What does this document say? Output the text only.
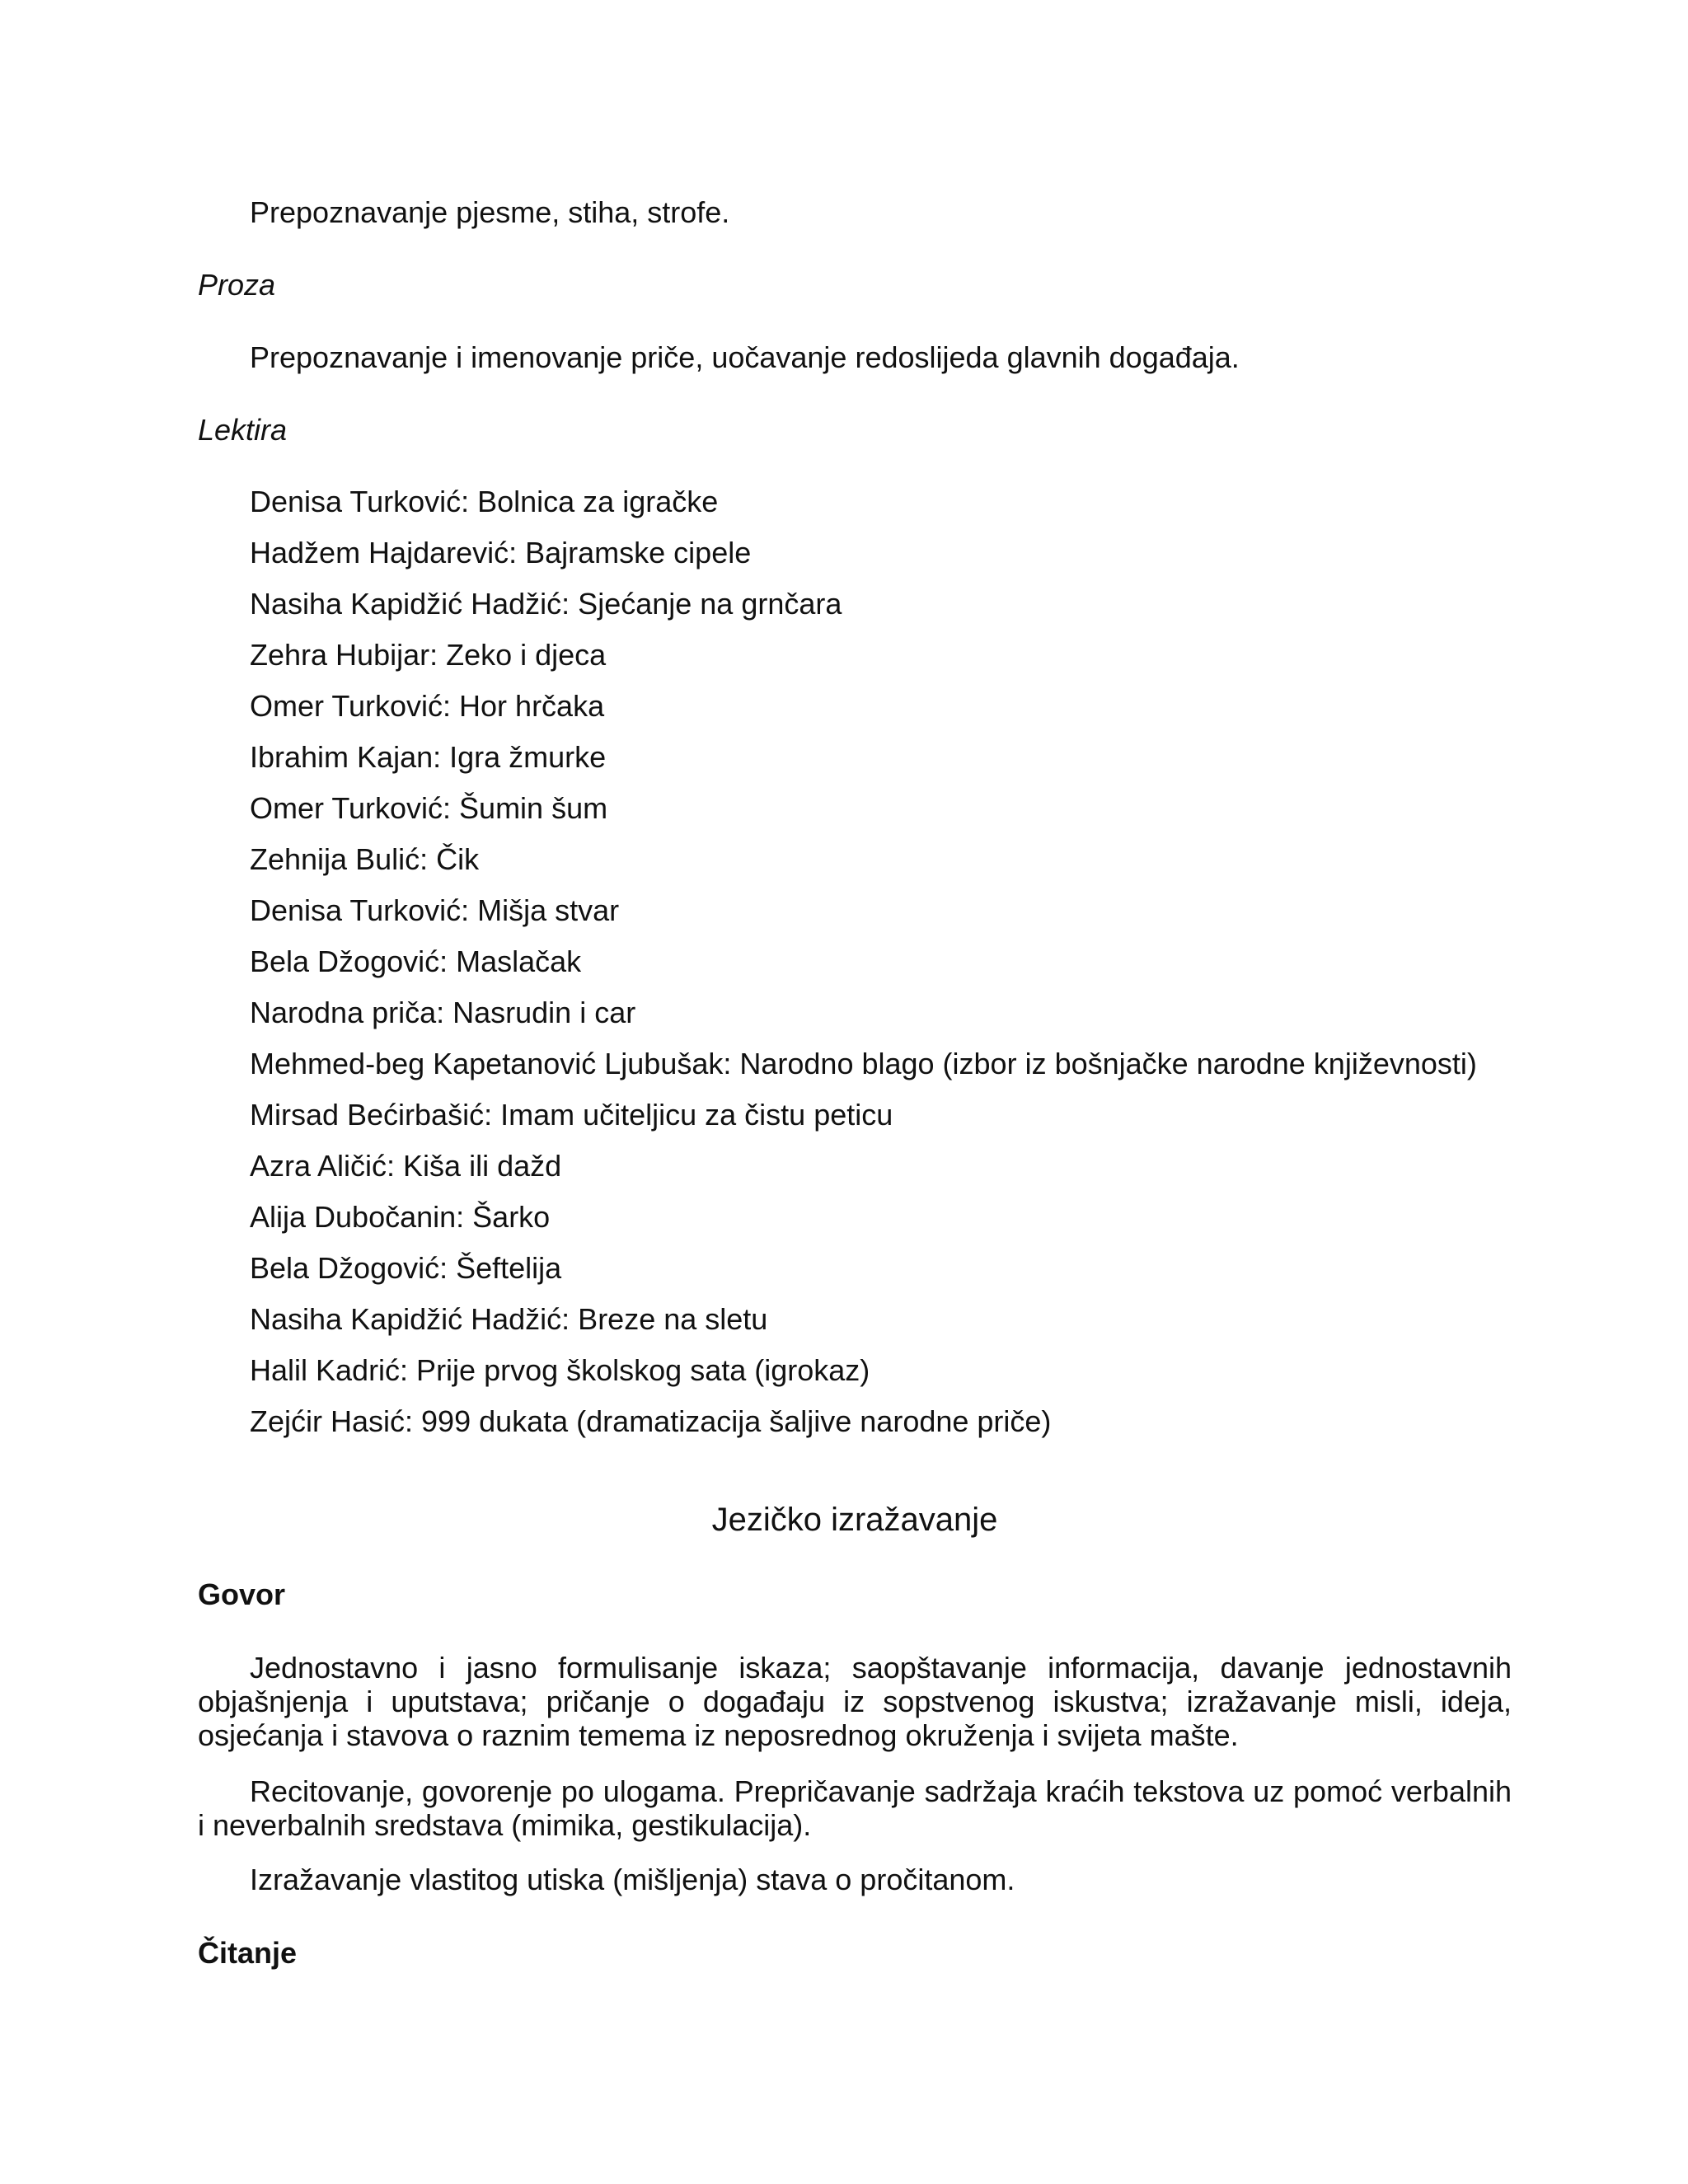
Prepoznavanje pjesme, stiha, strofe.
Proza
Prepoznavanje i imenovanje priče, uočavanje redoslijeda glavnih događaja.
Lektira
Denisa Turković: Bolnica za igračke
Hadžem Hajdarević: Bajramske cipele
Nasiha Kapidžić Hadžić: Sjećanje na grnčara
Zehra Hubijar: Zeko i djeca
Omer Turković: Hor hrčaka
Ibrahim Kajan: Igra žmurke
Omer Turković: Šumin šum
Zehnija Bulić: Čik
Denisa Turković: Mišja stvar
Bela Džogović: Maslačak
Narodna priča: Nasrudin i car
Mehmed-beg Kapetanović Ljubušak: Narodno blago (izbor iz bošnjačke narodne književnosti)
Mirsad Bećirbašić: Imam učiteljicu za čistu peticu
Azra Aličić: Kiša ili dažd
Alija Dubočanin: Šarko
Bela Džogović: Šeftelija
Nasiha Kapidžić Hadžić: Breze na sletu
Halil Kadrić: Prije prvog školskog sata (igrokaz)
Zejćir Hasić: 999 dukata (dramatizacija šaljive narodne priče)
Jezičko izražavanje
Govor

Jednostavno i jasno formulisanje iskaza; saopštavanje informacija, davanje jednostavnih objašnjenja i uputstava; pričanje o događaju iz sopstvenog iskustva; izražavanje misli, ideja, osjećanja i stavova o raznim temema iz neposrednog okruženja i svijeta mašte.

Recitovanje, govorenje po ulogama. Prepričavanje sadržaja kraćih tekstova uz pomoć verbalnih i neverbalnih sredstava (mimika, gestikulacija).

Izražavanje vlastitog utiska (mišljenja) stava o pročitanom.

Čitanje
